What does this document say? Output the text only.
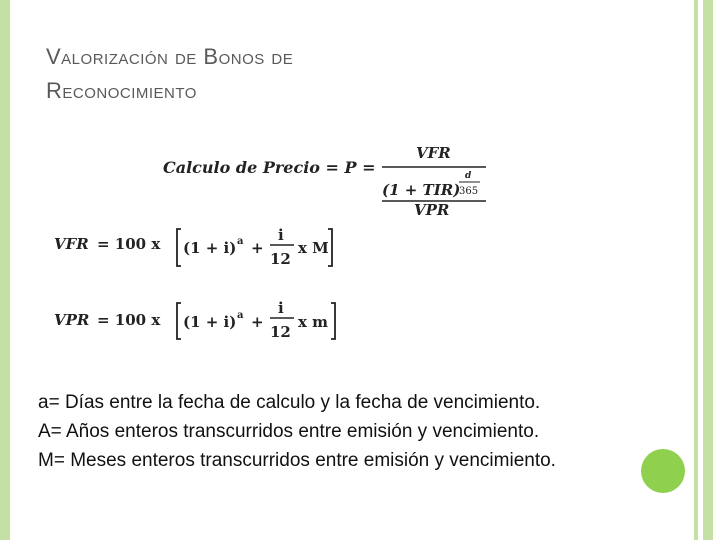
Valorización de Bonos de
Reconocimiento
Calculo de Precio = P =
VFR
(1 + TIR)
d
365
VPR
VFR = 100 x (1 + i) a +
i
12
x M
VPR = 100 x (1 + i) a +
i
12
x m
a= Días entre la fecha de calculo y la fecha de vencimiento.
A= Años enteros transcurridos entre emisión y vencimiento.
M= Meses enteros transcurridos entre emisión y vencimiento.
